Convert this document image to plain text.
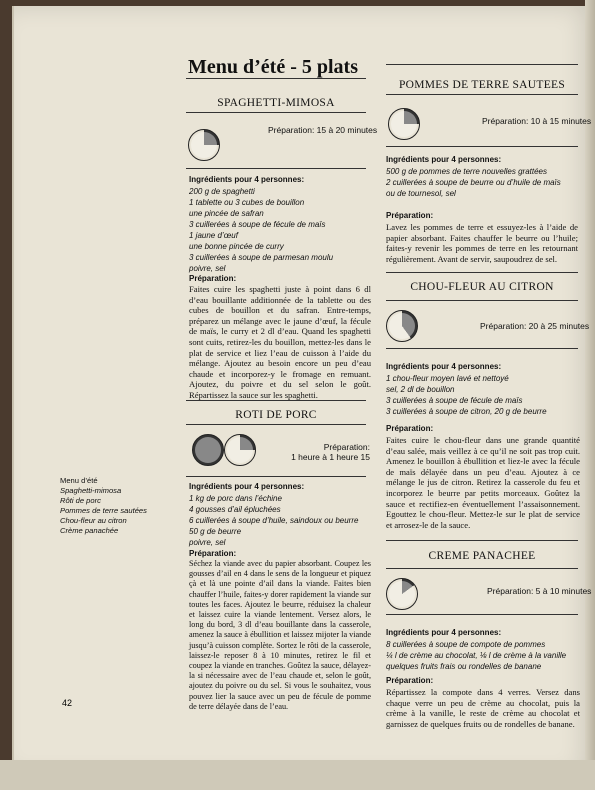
Menu d’été - 5 plats
Menu d’été
Spaghetti-mimosa
Rôti de porc
Pommes de terre sautées
Chou-fleur au citron
Crème panachée
42
SPAGHETTI-MIMOSA
Préparation: 15 à 20 minutes
Ingrédients pour 4 personnes:
200 g de spaghetti
1 tablette ou 3 cubes de bouillon
une pincée de safran
3 cuillerées à soupe de fécule de maïs
1 jaune d’œuf
une bonne pincée de curry
3 cuillerées à soupe de parmesan moulu
poivre, sel
Préparation:
Faites cuire les spaghetti juste à point dans 6 dl d’eau bouillante additionnée de la tablette ou des cubes de bouillon et du safran. Entre-temps, préparez un mélange avec le jaune d’œuf, la fécule de maïs, le curry et 2 dl d’eau. Quand les spaghetti sont cuits, retirez-les du bouillon, mettez-les dans le plat de service et liez l’eau de cuisson à l’aide du mélange. Ajoutez au besoin encore un peu d’eau chaude et incorporez-y le fromage en remuant. Ajoutez, du poivre et du sel selon le goût. Répartissez la sauce sur les spaghetti.
ROTI DE PORC
Préparation:
1 heure à 1 heure 15
Ingrédients pour 4 personnes:
1 kg de porc dans l’échine
4 gousses d’ail épluchées
6 cuillerées à soupe d’huile, saindoux ou beurre
50 g de beurre
poivre, sel
Préparation:
Séchez la viande avec du papier absorbant. Coupez les gousses d’ail en 4 dans le sens de la longueur et piquez çà et là une pointe d’ail dans la viande. Faites bien chauffer l’huile, faites-y dorer rapidement la viande sur toutes les faces. Ajoutez le beurre, réduisez la chaleur et laissez cuire la viande lentement. Versez alors, le long du bord, 3 dl d’eau bouillante dans la casserole, amenez la sauce à ébullition et laissez mijoter la viande jusqu’à cuisson complète. Sortez le rôti de la casserole, laissez-le reposer 8 à 10 minutes, retirez le fil et coupez la viande en tranches. Goûtez la sauce, délayez-la si nécessaire avec de l’eau chaude et, selon le goût, ajoutez du poivre ou du sel. Si vous le souhaitez, vous pouvez lier la sauce avec un peu de fécule de pomme de terre délayée dans de l’eau.
POMMES DE TERRE SAUTEES
Préparation: 10 à 15 minutes
Ingrédients pour 4 personnes:
500 g de pommes de terre nouvelles grattées
2 cuillerées à soupe de beurre ou d’huile de maïs
ou de tournesol, sel
Préparation:
Lavez les pommes de terre et essuyez-les à l’aide de papier absorbant. Faites chauffer le beurre ou l’huile; faites-y revenir les pommes de terre en les retournant régulièrement. Avant de servir, saupoudrez de sel.
CHOU-FLEUR AU CITRON
Préparation: 20 à 25 minutes
Ingrédients pour 4 personnes:
1 chou-fleur moyen lavé et nettoyé
sel, 2 dl de bouillon
3 cuillerées à soupe de fécule de maïs
3 cuillerées à soupe de citron, 20 g de beurre
Préparation:
Faites cuire le chou-fleur dans une grande quantité d’eau salée, mais veillez à ce qu’il ne soit pas trop cuit. Amenez le bouillon à ébullition et liez-le avec la fécule de maïs délayée dans un peu d’eau. Ajoutez à ce mélange le jus de citron. Retirez la casserole du feu et incorporez le beurre par petits morceaux. Goûtez la sauce et rectifiez-en éventuellement l’assaisonnement. Egouttez le chou-fleur. Mettez-le sur le plat de service et arrosez-le de la sauce.
CREME PANACHEE
Préparation: 5 à 10 minutes
Ingrédients pour 4 personnes:
8 cuillerées à soupe de compote de pommes
¼ l de crème au chocolat, ⅛ l de crème à la vanille
quelques fruits frais ou rondelles de banane
Préparation:
Répartissez la compote dans 4 verres. Versez dans chaque verre un peu de crème au chocolat, puis la crème à la vanille, le reste de crème au chocolat et garnissez de quelques fruits ou de rondelles de banane.
